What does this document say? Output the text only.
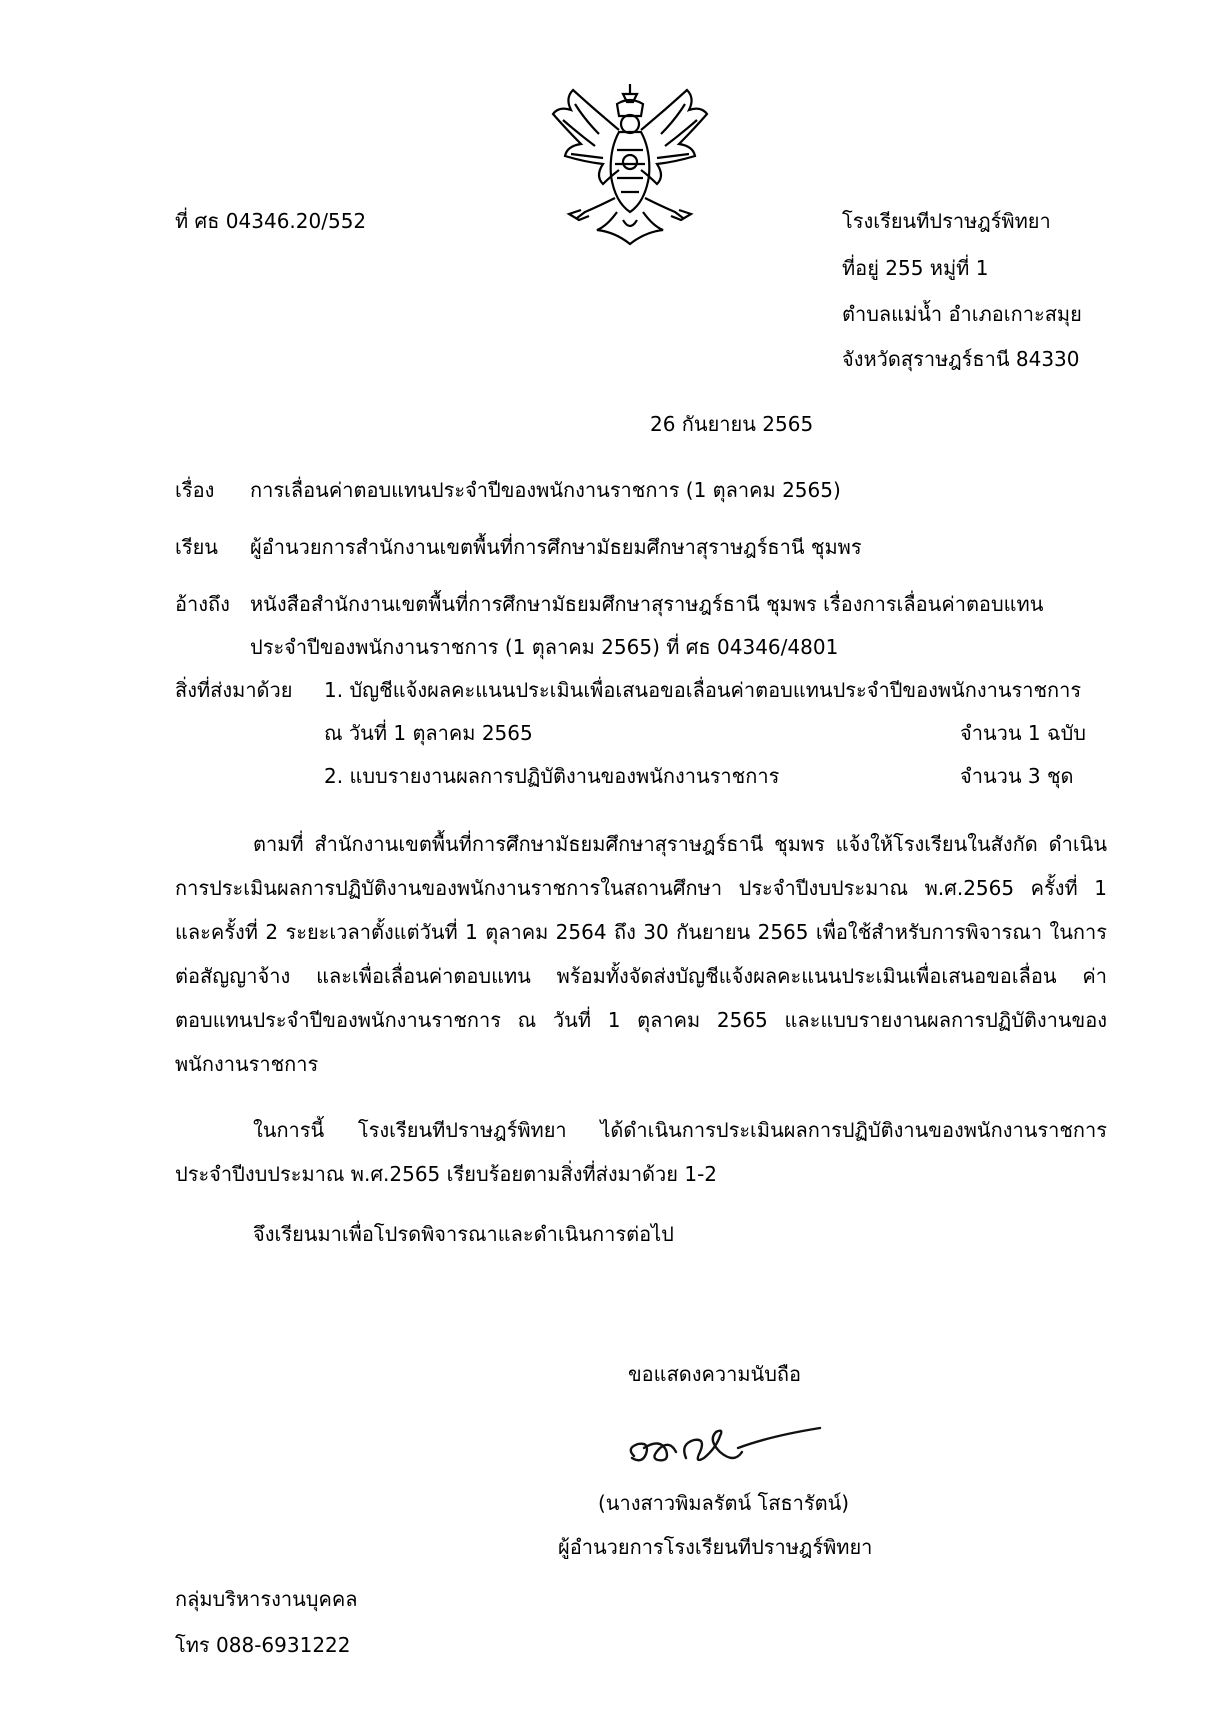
ที่ ศธ 04346.20/552	โรงเรียนทีปราษฎร์พิทยา
ที่อยู่ 255 หมู่ที่ 1
ตำบลแม่น้ำ อำเภอเกาะสมุย
จังหวัดสุราษฎร์ธานี 84330
26 กันยายน 2565
เรื่อง การเลื่อนค่าตอบแทนประจำปีของพนักงานราชการ (1 ตุลาคม 2565)
เรียน ผู้อำนวยการสำนักงานเขตพื้นที่การศึกษามัธยมศึกษาสุราษฎร์ธานี ชุมพร
อ้างถึง หนังสือสำนักงานเขตพื้นที่การศึกษามัธยมศึกษาสุราษฎร์ธานี ชุมพร เรื่องการเลื่อนค่าตอบแทน
ประจำปีของพนักงานราชการ (1 ตุลาคม 2565) ที่ ศธ 04346/4801
สิ่งที่ส่งมาด้วย 1. บัญชีแจ้งผลคะแนนประเมินเพื่อเสนอขอเลื่อนค่าตอบแทนประจำปีของพนักงานราชการ
ณ วันที่ 1 ตุลาคม 2565	จำนวน 1 ฉบับ
2. แบบรายงานผลการปฏิบัติงานของพนักงานราชการ	จำนวน 3 ชุด
ตามที่ สำนักงานเขตพื้นที่การศึกษามัธยมศึกษาสุราษฎร์ธานี ชุมพร แจ้งให้โรงเรียนในสังกัด ดำเนินการประเมินผลการปฏิบัติงานของพนักงานราชการในสถานศึกษา ประจำปีงบประมาณ พ.ศ.2565 ครั้งที่ 1 และครั้งที่ 2 ระยะเวลาตั้งแต่วันที่ 1 ตุลาคม 2564 ถึง 30 กันยายน 2565 เพื่อใช้สำหรับการพิจารณา ในการต่อสัญญาจ้าง และเพื่อเลื่อนค่าตอบแทน พร้อมทั้งจัดส่งบัญชีแจ้งผลคะแนนประเมินเพื่อเสนอขอเลื่อน ค่าตอบแทนประจำปีของพนักงานราชการ ณ วันที่ 1 ตุลาคม 2565 และแบบรายงานผลการปฏิบัติงานของ พนักงานราชการ
ในการนี้ โรงเรียนทีปราษฎร์พิทยา ได้ดำเนินการประเมินผลการปฏิบัติงานของพนักงานราชการ ประจำปีงบประมาณ พ.ศ.2565 เรียบร้อยตามสิ่งที่ส่งมาด้วย 1-2
จึงเรียนมาเพื่อโปรดพิจารณาและดำเนินการต่อไป
ขอแสดงความนับถือ
(นางสาวพิมลรัตน์ โสธารัตน์)
ผู้อำนวยการโรงเรียนทีปราษฎร์พิทยา
กลุ่มบริหารงานบุคคล
โทร 088-6931222
